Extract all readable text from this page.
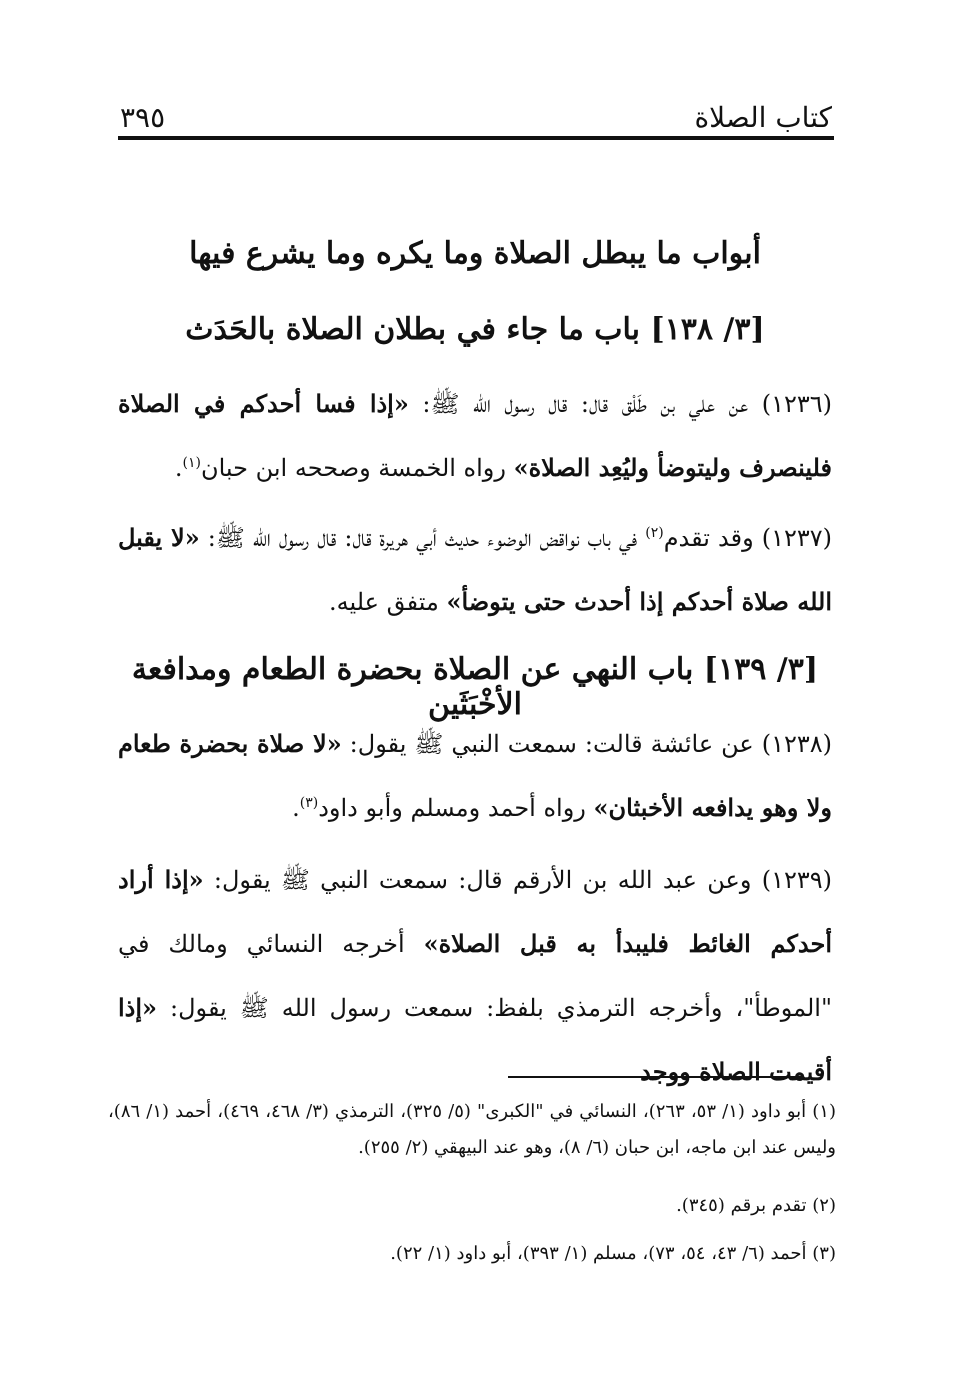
٣٩٥	كتاب الصلاة
أبواب ما يبطل الصلاة وما يكره وما يشرع فيها
[٣/ ١٣٨] باب ما جاء في بطلان الصلاة بالحَدَث
(١٢٣٦) عن علي بن طَلْق قال: قال رسول الله ﷺ: «إذا فسا أحدكم في الصلاة فلينصرف وليتوضأ وليُعِد الصلاة» رواه الخمسة وصححه ابن حبان$^{(١)}$.
(١٢٣٧) وقد تقدم$^{(٢)}$ في باب نواقض الوضوء حديث أبي هريرة قال: قال رسول الله ﷺ: «لا يقبل الله صلاة أحدكم إذا أحدث حتى يتوضأ» متفق عليه.
[٣/ ١٣٩] باب النهي عن الصلاة بحضرة الطعام ومدافعة الأخْبَثَين
(١٢٣٨) عن عائشة قالت: سمعت النبي ﷺ يقول: «لا صلاة بحضرة طعام ولا وهو يدافعه الأخبثان» رواه أحمد ومسلم وأبو داود$^{(٣)}$.
(١٢٣٩) وعن عبد الله بن الأرقم قال: سمعت النبي ﷺ يقول: «إذا أراد أحدكم الغائط فليبدأ به قبل الصلاة» أخرجه النسائي ومالك في "الموطأ"، وأخرجه الترمذي بلفظ: سمعت رسول الله ﷺ يقول: «إذا أقيمت الصلاة ووجد
(١) أبو داود (١/ ٥٣، ٢٦٣)، النسائي في "الكبرى" (٥/ ٣٢٥)، الترمذي (٣/ ٤٦٨، ٤٦٩)، أحمد (١/ ٨٦)، وليس عند ابن ماجه، ابن حبان (٦/ ٨)، وهو عند البيهقي (٢/ ٢٥٥).
(٢) تقدم برقم (٣٤٥).
(٣) أحمد (٦/ ٤٣، ٥٤، ٧٣)، مسلم (١/ ٣٩٣)، أبو داود (١/ ٢٢).
